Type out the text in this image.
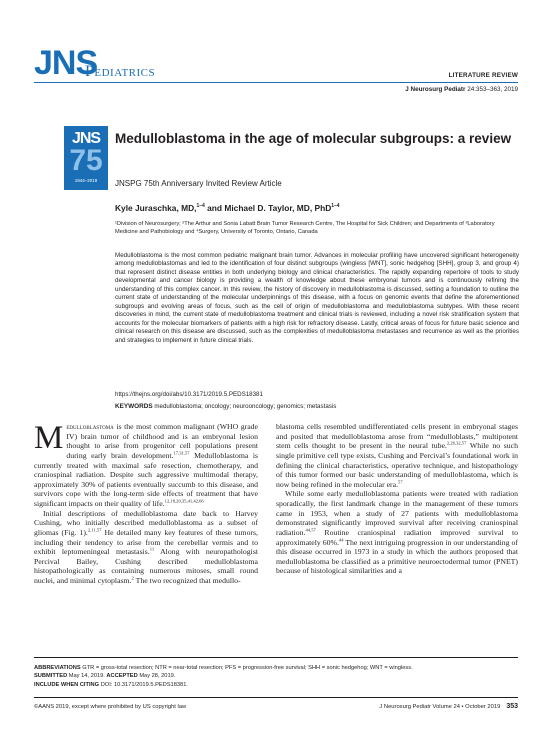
JNS
Pediatrics	LITERATURE REVIEW
J Neurosurg Pediatr 24:353–363, 2019
JNS
75
1944–2019
Medulloblastoma in the age of molecular subgroups: a review
JNSPG 75th Anniversary Invited Review Article
Kyle Juraschka, MD,$^{1-4}$ and Michael D. Taylor, MD, PhD$^{1-4}$
¹Division of Neurosurgery; ²The Arthur and Sonia Labatt Brain Tumor Research Centre, The Hospital for Sick Children; and Departments of ³Laboratory Medicine and Pathobiology and ⁴Surgery, University of Toronto, Ontario, Canada
Medulloblastoma is the most common pediatric malignant brain tumor. Advances in molecular profiling have uncovered significant heterogeneity among medulloblastomas and led to the identification of four distinct subgroups (wingless [WNT], sonic hedgehog [SHH], group 3, and group 4) that represent distinct disease entities in both underlying biology and clinical characteristics. The rapidly expanding repertoire of tools to study developmental and cancer biology is providing a wealth of knowledge about these embryonal tumors and is continuously refining the understanding of this complex cancer. In this review, the history of discovery in medulloblastoma is discussed, setting a foundation to outline the current state of understanding of the molecular underpinnings of this disease, with a focus on genomic events that define the aforementioned subgroups and evolving areas of focus, such as the cell of origin of medulloblastoma and medulloblastoma subtypes. With these recent discoveries in mind, the current state of medulloblastoma treatment and clinical trials is reviewed, including a novel risk stratification system that accounts for the molecular biomarkers of patients with a high risk for refractory disease. Lastly, critical areas of focus for future basic science and clinical research on this disease are discussed, such as the complexities of medulloblastoma metastases and recurrence as well as the priorities and strategies to implement in future clinical trials.
https://thejns.org/doi/abs/10.3171/2019.5.PEDS18381
KEYWORDS medulloblastoma; oncology; neurooncology; genomics; metastasis

Medulloblastoma is the most common malignant (WHO grade IV) brain tumor of childhood and is an embryonal lesion thought to arise from progenitor cell populations present during early brain development.$^{17,31,57}$ Medulloblastoma is currently treated with maximal safe resection, chemotherapy, and craniospinal radiation. Despite such aggressive multimodal therapy, approximately 30% of patients eventually succumb to this disease, and survivors cope with the long-term side effects of treatment that have significant impacts on their quality of life.$^{12,18,20,35,41,42,66}$

Initial descriptions of medulloblastoma date back to Harvey Cushing, who initially described medulloblastoma as a subset of gliomas (Fig. 1).$^{2,11,57}$ He detailed many key features of these tumors, including their tendency to arise from the cerebellar vermis and to exhibit leptomeningeal metastasis.$^{11}$ Along with neuropathologist Percival Bailey, Cushing described medulloblastoma histopathologically as containing numerous mitoses, small round nuclei, and minimal cytoplasm.$^2$ The two recognized that medullo-

blastoma cells resembled undifferentiated cells present in embryonal stages and posited that medulloblastoma arose from “medulloblasts,” multipotent stem cells thought to be present in the neural tube.$^{2,26,32,57}$ While no such single primitive cell type exists, Cushing and Percival’s foundational work in defining the clinical characteristics, operative technique, and histopathology of this tumor formed our basic understanding of medulloblastoma, which is now being refined in the molecular era.$^{57}$

While some early medulloblastoma patients were treated with radiation sporadically, the first landmark change in the management of these tumors came in 1953, when a study of 27 patients with medulloblastoma demonstrated significantly improved survival after receiving craniospinal radiation.$^{44,57}$ Routine craniospinal radiation improved survival to approximately 60%.$^{44}$ The next intriguing progression in our understanding of this disease occurred in 1973 in a study in which the authors proposed that medulloblastoma be classified as a primitive neuroectodermal tumor (PNET) because of histological similarities and a

ABBREVIATIONS GTR = gross-total resection; NTR = near-total resection; PFS = progression-free survival; SHH = sonic hedgehog; WNT = wingless.
SUBMITTED May 14, 2019. ACCEPTED May 28, 2019.
INCLUDE WHEN CITING DOI: 10.3171/2019.5.PEDS18381.
©AANS 2019, except where prohibited by US copyright law	J Neurosurg Pediatr Volume 24 • October 2019 353
